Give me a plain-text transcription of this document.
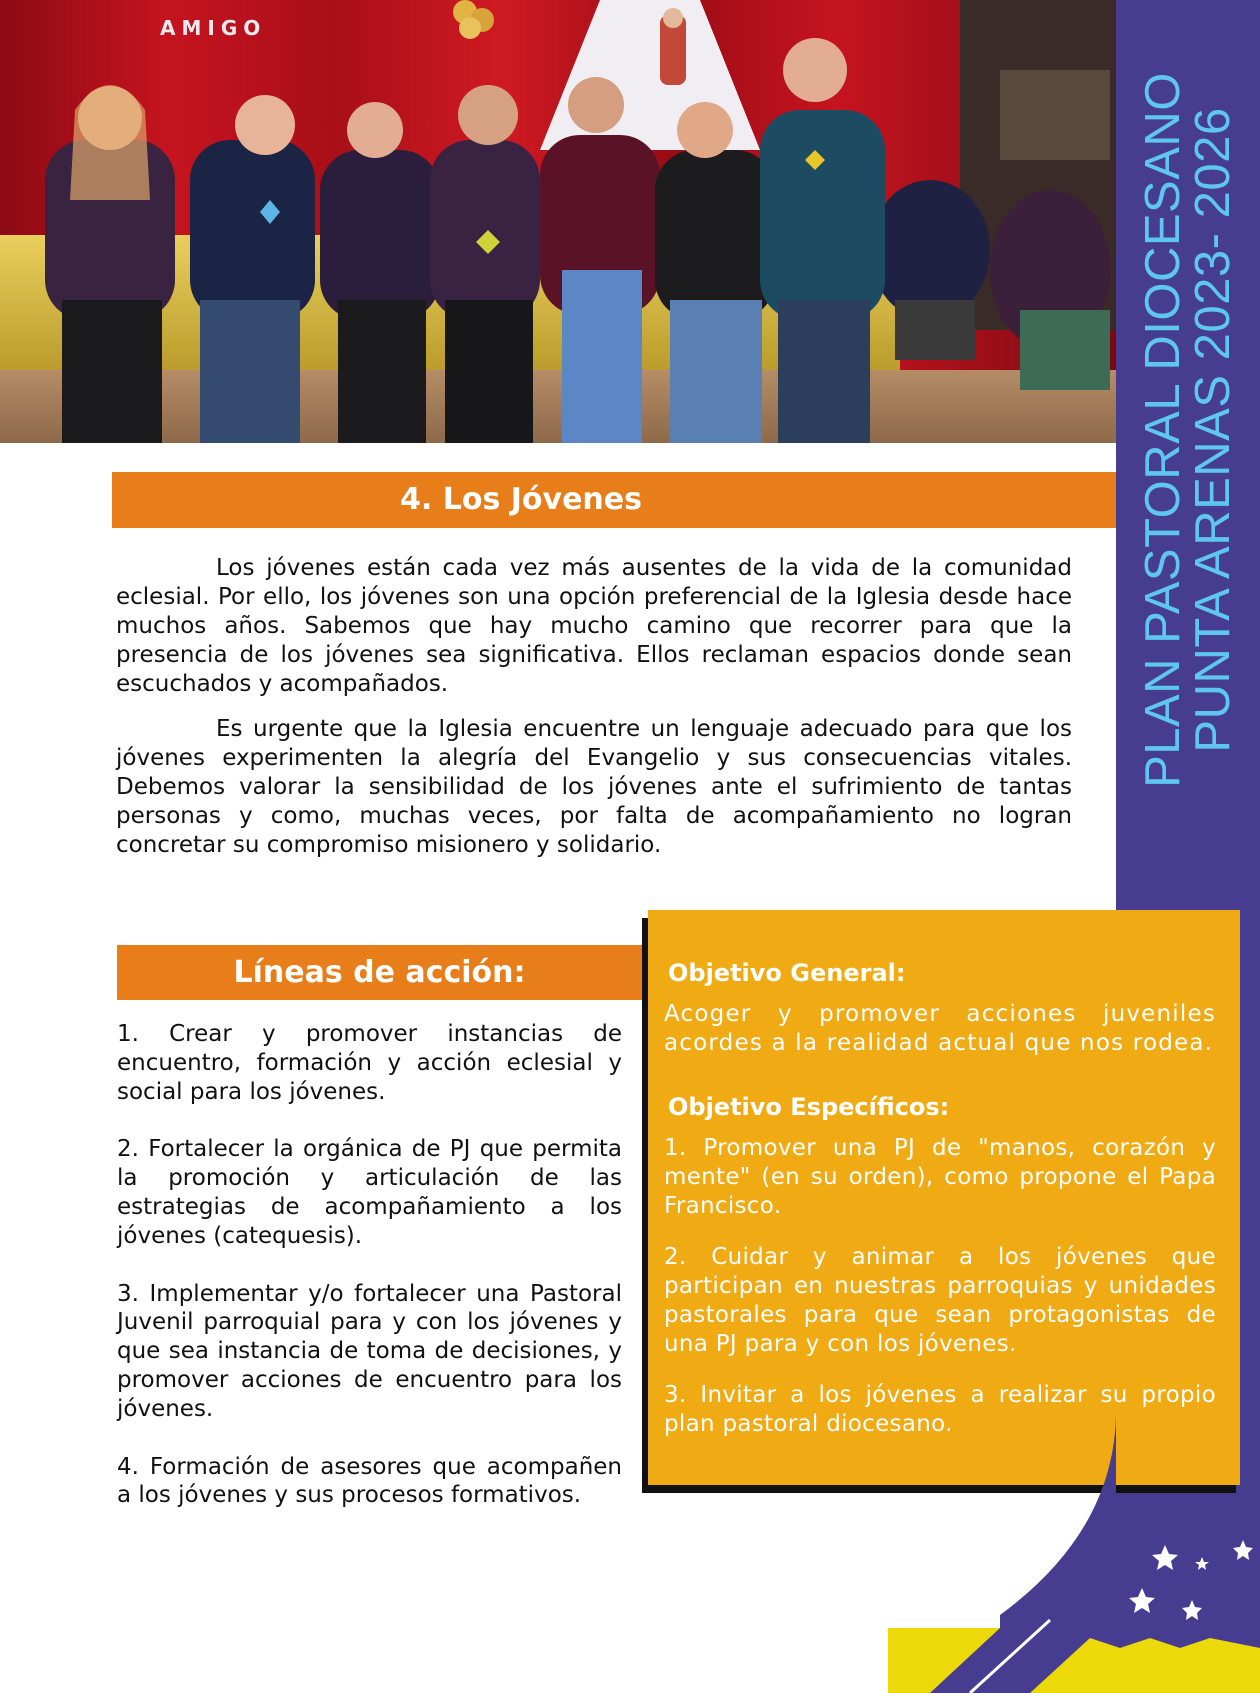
AMIGO
PLAN PASTORAL DIOCESANO
PUNTA ARENAS 2023- 2026
4. Los Jóvenes

Los jóvenes están cada vez más ausentes de la vida de la comunidad eclesial. Por ello, los jóvenes son una opción preferencial de la Iglesia desde hace muchos años. Sabemos que hay mucho camino que recorrer para que la presencia de los jóvenes sea significativa. Ellos reclaman espacios donde sean escuchados y acompañados.

Es urgente que la Iglesia encuentre un lenguaje adecuado para que los jóvenes experimenten la alegría del Evangelio y sus consecuencias vitales. Debemos valorar la sensibilidad de los jóvenes ante el sufrimiento de tantas personas y como, muchas veces, por falta de acompañamiento no logran concretar su compromiso misionero y solidario.

Líneas de acción:

1. Crear y promover instancias de encuentro, formación y acción eclesial y social para los jóvenes.

2. Fortalecer la orgánica de PJ que permita la promoción y articulación de las estrategias de acompañamiento a los jóvenes (catequesis).

3. Implementar y/o fortalecer una Pastoral Juvenil parroquial para y con los jóvenes y que sea instancia de toma de decisiones, y promover acciones de encuentro para los jóvenes.

4. Formación de asesores que acompañen a los jóvenes y sus procesos formativos.

Objetivo General:

Acoger y promover acciones juveniles acordes a la realidad actual que nos rodea.

Objetivo Específicos:

1. Promover una PJ de "manos, corazón y mente" (en su orden), como propone el Papa Francisco.

2. Cuidar y animar a los jóvenes que participan en nuestras parroquias y unidades pastorales para que sean protagonistas de una PJ para y con los jóvenes.

3. Invitar a los jóvenes a realizar su propio plan pastoral diocesano.
